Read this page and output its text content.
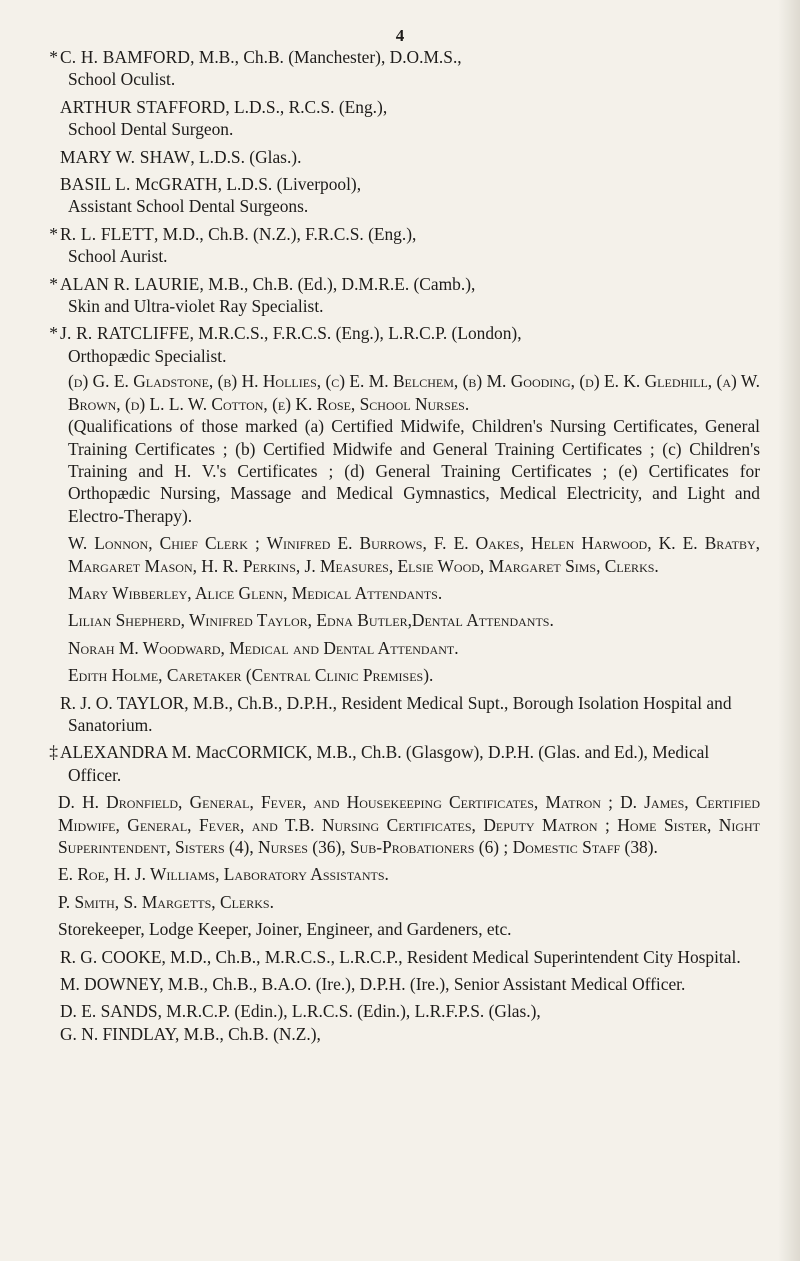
4
* C. H. BAMFORD, M.B., Ch.B. (Manchester), D.O.M.S.,
School Oculist.
ARTHUR STAFFORD, L.D.S., R.C.S. (Eng.),
School Dental Surgeon.
MARY W. SHAW, L.D.S. (Glas.).
BASIL L. McGRATH, L.D.S. (Liverpool),
Assistant School Dental Surgeons.
* R. L. FLETT, M.D., Ch.B. (N.Z.), F.R.C.S. (Eng.),
School Aurist.
* ALAN R. LAURIE, M.B., Ch.B. (Ed.), D.M.R.E. (Camb.),
Skin and Ultra-violet Ray Specialist.
* J. R. RATCLIFFE, M.R.C.S., F.R.C.S. (Eng.), L.R.C.P. (London),
Orthopædic Specialist.
(d) G. E. Gladstone, (b) H. Hollies, (c) E. M. Belchem, (b) M. Gooding, (d) E. K. Gledhill, (a) W. Brown, (d) L. L. W. Cotton, (e) K. Rose, School Nurses.
(Qualifications of those marked (a) Certified Midwife, Children's Nursing Certificates, General Training Certificates ; (b) Certified Midwife and General Training Certificates ; (c) Children's Training and H. V.'s Certificates ; (d) General Training Certificates ; (e) Certificates for Orthopædic Nursing, Massage and Medical Gymnastics, Medical Electricity, and Light and Electro-Therapy).
W. Lonnon, Chief Clerk ; Winifred E. Burrows, F. E. Oakes, Helen Harwood, K. E. Bratby, Margaret Mason, H. R. Perkins, J. Measures, Elsie Wood, Margaret Sims, Clerks.
Mary Wibberley, Alice Glenn, Medical Attendants.
Lilian Shepherd, Winifred Taylor, Edna Butler,Dental Attendants.
Norah M. Woodward, Medical and Dental Attendant.
Edith Holme, Caretaker (Central Clinic Premises).
R. J. O. TAYLOR, M.B., Ch.B., D.P.H., Resident Medical Supt., Borough Isolation Hospital and Sanatorium.
‡ ALEXANDRA M. MacCORMICK, M.B., Ch.B. (Glasgow), D.P.H. (Glas. and Ed.), Medical Officer.
D. H. Dronfield, General, Fever, and Housekeeping Certificates, Matron ; D. James, Certified Midwife, General, Fever, and T.B. Nursing Certificates, Deputy Matron ; Home Sister, Night Superintendent, Sisters (4), Nurses (36), Sub-Probationers (6) ; Domestic Staff (38).
E. Roe, H. J. Williams, Laboratory Assistants.
P. Smith, S. Margetts, Clerks.
Storekeeper, Lodge Keeper, Joiner, Engineer, and Gardeners, etc.
R. G. COOKE, M.D., Ch.B., M.R.C.S., L.R.C.P., Resident Medical Superintendent City Hospital.
M. DOWNEY, M.B., Ch.B., B.A.O. (Ire.), D.P.H. (Ire.), Senior Assistant Medical Officer.
D. E. SANDS, M.R.C.P. (Edin.), L.R.C.S. (Edin.), L.R.F.P.S. (Glas.),
G. N. FINDLAY, M.B., Ch.B. (N.Z.),
